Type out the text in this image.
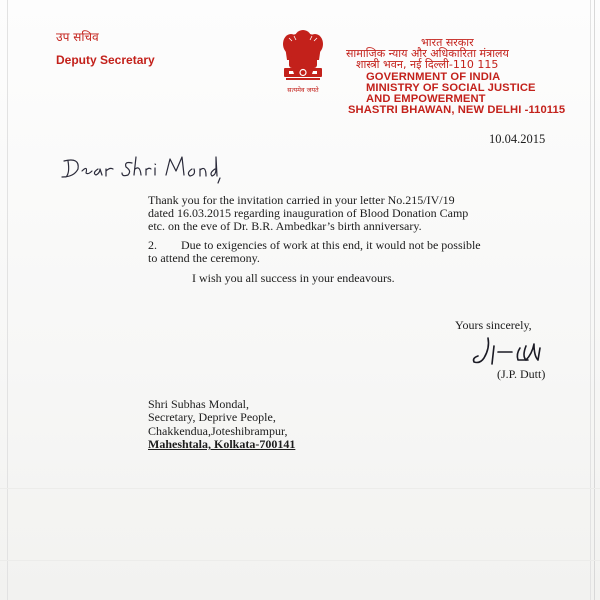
उप सचिव
Deputy Secretary
सत्यमेव जयते
भारत सरकार
सामाजिक न्याय और अधिकारिता मंत्रालय
शास्त्री भवन, नई दिल्ली-110 115
GOVERNMENT OF INDIA
MINISTRY OF SOCIAL JUSTICE
AND EMPOWERMENT
SHASTRI BHAWAN, NEW DELHI -110115
10.04.2015
Thank you for the invitation carried in your letter No.215/IV/19
dated 16.03.2015 regarding inauguration of Blood Donation Camp
etc. on the eve of Dr. B.R. Ambedkar’s birth anniversary.
2.        Due to exigencies of work at this end, it would not be possible
to attend the ceremony.
I wish you all success in your endeavours.
Yours sincerely,
(J.P. Dutt)
Shri Subhas Mondal,
Secretary, Deprive People,
Chakkendua,Joteshibrampur,
Maheshtala, Kolkata-700141
